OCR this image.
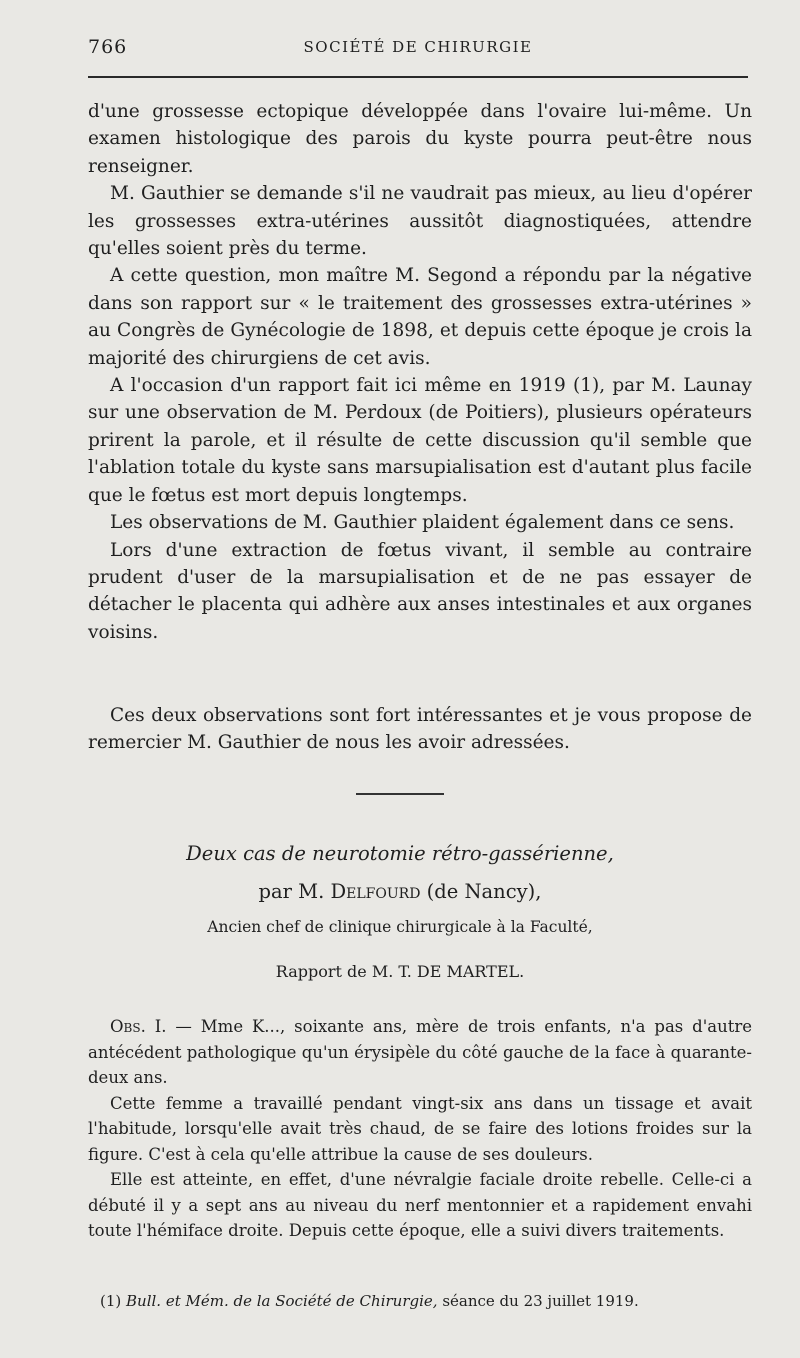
766	SOCIÉTÉ DE CHIRURGIE

d'une grossesse ectopique développée dans l'ovaire lui-même. Un examen histologique des parois du kyste pourra peut-être nous renseigner.

M. Gauthier se demande s'il ne vaudrait pas mieux, au lieu d'opérer les grossesses extra-utérines aussitôt diagnostiquées, attendre qu'elles soient près du terme.

A cette question, mon maître M. Segond a répondu par la négative dans son rapport sur « le traitement des grossesses extra-utérines » au Congrès de Gynécologie de 1898, et depuis cette époque je crois la majorité des chirurgiens de cet avis.

A l'occasion d'un rapport fait ici même en 1919 (1), par M. Launay sur une observation de M. Perdoux (de Poitiers), plusieurs opérateurs prirent la parole, et il résulte de cette discussion qu'il semble que l'ablation totale du kyste sans marsupialisation est d'autant plus facile que le fœtus est mort depuis longtemps.

Les observations de M. Gauthier plaident également dans ce sens.

Lors d'une extraction de fœtus vivant, il semble au contraire prudent d'user de la marsupialisation et de ne pas essayer de détacher le placenta qui adhère aux anses intestinales et aux organes voisins.

Ces deux observations sont fort intéressantes et je vous propose de remercier M. Gauthier de nous les avoir adressées.

Deux cas de neurotomie rétro-gassérienne,
par M. Delfourd (de Nancy),
Ancien chef de clinique chirurgicale à la Faculté,
Rapport de M. T. DE MARTEL.

Obs. I. — Mme K..., soixante ans, mère de trois enfants, n'a pas d'autre antécédent pathologique qu'un érysipèle du côté gauche de la face à quarante-deux ans.

Cette femme a travaillé pendant vingt-six ans dans un tissage et avait l'habitude, lorsqu'elle avait très chaud, de se faire des lotions froides sur la figure. C'est à cela qu'elle attribue la cause de ses douleurs.

Elle est atteinte, en effet, d'une névralgie faciale droite rebelle. Celle-ci a débuté il y a sept ans au niveau du nerf mentonnier et a rapidement envahi toute l'hémiface droite. Depuis cette époque, elle a suivi divers traitements.

(1) Bull. et Mém. de la Société de Chirurgie, séance du 23 juillet 1919.
